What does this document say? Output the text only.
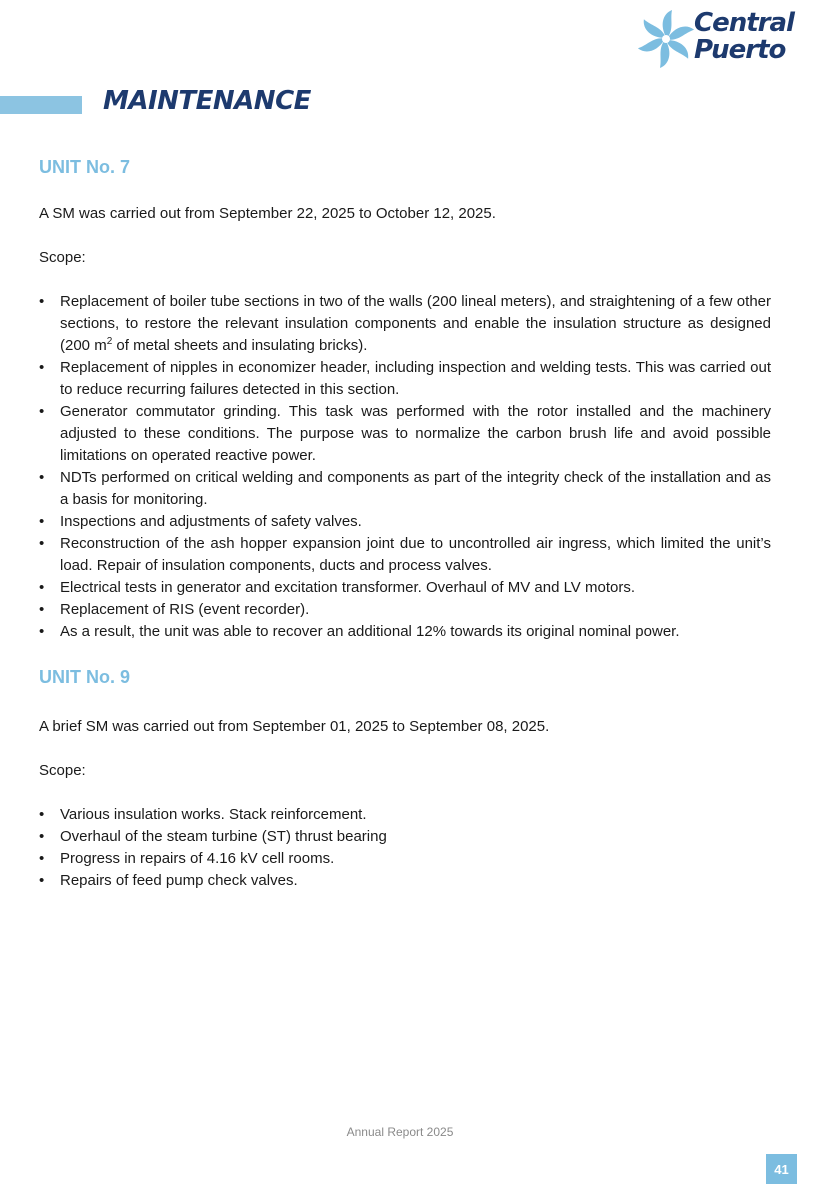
Central
Puerto
MAINTENANCE
UNIT No. 7

A SM was carried out from September 22, 2025 to October 12, 2025.

Scope:

• Replacement of boiler tube sections in two of the walls (200 lineal meters), and straightening of a few other sections, to restore the relevant insulation components and enable the insulation structure as designed (200 $m^2$ of metal sheets and insulating bricks).
• Replacement of nipples in economizer header, including inspection and welding tests. This was carried out to reduce recurring failures detected in this section.
• Generator commutator grinding. This task was performed with the rotor installed and the machinery adjusted to these conditions. The purpose was to normalize the carbon brush life and avoid possible limitations on operated reactive power.
• NDTs performed on critical welding and components as part of the integrity check of the installation and as a basis for monitoring.
• Inspections and adjustments of safety valves.
• Reconstruction of the ash hopper expansion joint due to uncontrolled air ingress, which limited the unit’s load. Repair of insulation components, ducts and process valves.
• Electrical tests in generator and excitation transformer. Overhaul of MV and LV motors.
• Replacement of RIS (event recorder).
• As a result, the unit was able to recover an additional 12% towards its original nominal power.
UNIT No. 9

A brief SM was carried out from September 01, 2025 to September 08, 2025.

Scope:

• Various insulation works. Stack reinforcement.
• Overhaul of the steam turbine (ST) thrust bearing
• Progress in repairs of 4.16 kV cell rooms.
• Repairs of feed pump check valves.
Annual Report 2025
41
